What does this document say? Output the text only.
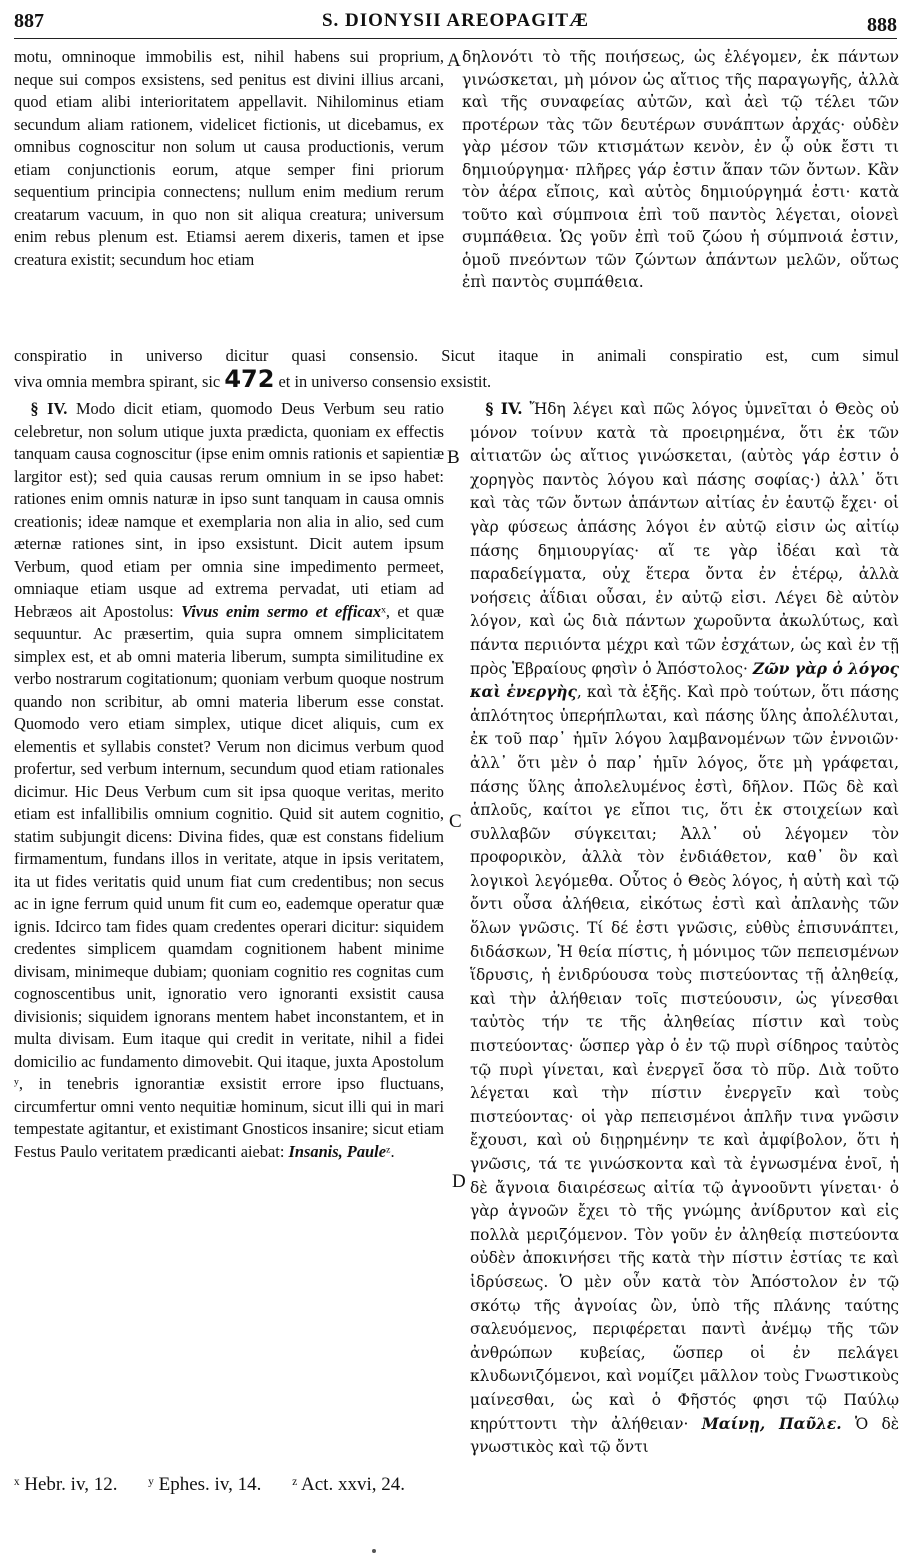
887	S. DIONYSII AREOPAGITÆ	888

motu, omninoque immobilis est, nihil habens sui proprium, neque sui compos exsistens, sed penitus est divini illius arcani, quod etiam alibi interioritatem appellavit. Nihilominus etiam secundum aliam rationem, videlicet fictionis, ut dicebamus, ex omnibus cognoscitur non solum ut causa productionis, verum etiam conjunctionis eorum, atque semper fini priorum sequentium principia connectens; nullum enim medium rerum creatarum vacuum, in quo non sit aliqua creatura; universum enim rebus plenum est. Etiamsi aerem dixeris, tamen et ipse creatura existit; secundum hoc etiam

δηλονότι τὸ τῆς ποιήσεως, ὡς ἐλέγομεν, ἐκ πάντων γινώσκεται, μὴ μόνον ὡς αἴτιος τῆς παραγωγῆς, ἀλλὰ καὶ τῆς συναφείας αὐτῶν, καὶ ἀεὶ τῷ τέλει τῶν προτέρων τὰς τῶν δευτέρων συνάπτων ἀρχάς· οὐδὲν γὰρ μέσον τῶν κτισμάτων κενὸν, ἐν ᾧ οὐκ ἔστι τι δημιούργημα· πλῆρες γάρ ἐστιν ἅπαν τῶν ὄντων. Κἂν τὸν ἀέρα εἴποις, καὶ αὐτὸς δημιούργημά ἐστι· κατὰ τοῦτο καὶ σύμπνοια ἐπὶ τοῦ παντὸς λέγεται, οἱονεὶ συμπάθεια. Ὡς γοῦν ἐπὶ τοῦ ζώου ἡ σύμπνοιά ἐστιν, ὁμοῦ πνεόντων τῶν ζώντων ἁπάντων μελῶν, οὕτως ἐπὶ παντὸς συμπάθεια.

conspiratio in universo dicitur quasi consensio. Sicut itaque in animali conspiratio est, cum simul
viva omnia membra spirant, sic 472 et in universo consensio exsistit.

 § IV. Modo dicit etiam, quomodo Deus Verbum seu ratio celebretur, non solum utique juxta prædicta, quoniam ex effectis tanquam causa cognoscitur (ipse enim omnis rationis et sapientiæ largitor est); sed quia causas rerum omnium in se ipso habet: rationes enim omnis naturæ in ipso sunt tanquam in causa omnis creationis; ideæ namque et exemplaria non alia in alio, sed cum æternæ rationes sint, in ipso exsistunt. Dicit autem ipsum Verbum, quod etiam per omnia sine impedimento permeet, omniaque etiam usque ad extrema pervadat, uti etiam ad Hebræos ait Apostolus: Vivus enim sermo et efficaxˣ, et quæ sequuntur. Ac præsertim, quia supra omnem simplicitatem simplex est, et ab omni materia liberum, sumpta similitudine ex verbo nostrarum cogitationum; quoniam verbum quoque nostrum quando non scribitur, ab omni materia liberum esse constat. Quomodo vero etiam simplex, utique dicet aliquis, cum ex elementis et syllabis constet? Verum non dicimus verbum quod profertur, sed verbum internum, secundum quod etiam rationales dicimur. Hic Deus Verbum cum sit ipsa quoque veritas, merito etiam est infallibilis omnium cognitio. Quid sit autem cognitio, statim subjungit dicens: Divina fides, quæ est constans fidelium firmamentum, fundans illos in veritate, atque in ipsis veritatem, ita ut fides veritatis quid unum fiat cum credentibus; non secus ac in igne ferrum quid unum fit cum eo, eademque operatur quæ ignis. Idcirco tam fides quam credentes operari dicitur: siquidem credentes simplicem quamdam cognitionem habent minime divisam, minimeque dubiam; quoniam cognitio res cognitas cum cognoscentibus unit, ignoratio vero ignoranti exsistit causa divisionis; siquidem ignorans mentem habet inconstantem, et in multa divisam. Eum itaque qui credit in veritate, nihil a fidei domicilio ac fundamento dimovebit. Qui itaque, juxta Apostolum ʸ, in tenebris ignorantiæ exsistit errore ipso fluctuans, circumfertur omni vento nequitiæ hominum, sicut illi qui in mari tempestate agitantur, et existimant Gnosticos insanire; sicut etiam Festus Paulo veritatem prædicanti aiebat: Insanis, Pauleᶻ.

 § IV. Ἤδη λέγει καὶ πῶς λόγος ὑμνεῖται ὁ Θεὸς οὐ μόνον τοίνυν κατὰ τὰ προειρημένα, ὅτι ἐκ τῶν αἰτιατῶν ὡς αἴτιος γινώσκεται, (αὐτὸς γάρ ἐστιν ὁ χορηγὸς παντὸς λόγου καὶ πάσης σοφίας·) ἀλλ᾿ ὅτι καὶ τὰς τῶν ὄντων ἁπάντων αἰτίας ἐν ἑαυτῷ ἔχει· οἱ γὰρ φύσεως ἁπάσης λόγοι ἐν αὐτῷ εἰσιν ὡς αἰτίῳ πάσης δημιουργίας· αἵ τε γὰρ ἰδέαι καὶ τὰ παραδείγματα, οὐχ ἕτερα ὄντα ἐν ἑτέρῳ, ἀλλὰ νοήσεις ἀΐδιαι οὖσαι, ἐν αὐτῷ εἰσι. Λέγει δὲ αὐτὸν λόγον, καὶ ὡς διὰ πάντων χωροῦντα ἀκωλύτως, καὶ πάντα περιιόντα μέχρι καὶ τῶν ἐσχάτων, ὡς καὶ ἐν τῇ πρὸς Ἑβραίους φησὶν ὁ Ἀπόστολος· Ζῶν γὰρ ὁ λόγος καὶ ἐνεργὴς, καὶ τὰ ἑξῆς. Καὶ πρὸ τούτων, ὅτι πάσης ἁπλότητος ὑπερήπλωται, καὶ πάσης ὕλης ἀπολέλυται, ἐκ τοῦ παρ᾿ ἡμῖν λόγου λαμβανομένων τῶν ἐννοιῶν· ἀλλ᾿ ὅτι μὲν ὁ παρ᾿ ἡμῖν λόγος, ὅτε μὴ γράφεται, πάσης ὕλης ἀπολελυμένος ἐστὶ, δῆλον. Πῶς δὲ καὶ ἁπλοῦς, καίτοι γε εἴποι τις, ὅτι ἐκ στοιχείων καὶ συλλαβῶν σύγκειται; Ἀλλ᾿ οὐ λέγομεν τὸν προφορικὸν, ἀλλὰ τὸν ἐνδιάθετον, καθ᾿ ὃν καὶ λογικοὶ λεγόμεθα. Οὗτος ὁ Θεὸς λόγος, ἡ αὐτὴ καὶ τῷ ὄντι οὖσα ἀλήθεια, εἰκότως ἐστὶ καὶ ἀπλανὴς τῶν ὅλων γνῶσις. Τί δέ ἐστι γνῶσις, εὐθὺς ἐπισυνάπτει, διδάσκων, Ἡ θεία πίστις, ἡ μόνιμος τῶν πεπεισμένων ἵδρυσις, ἡ ἐνιδρύουσα τοὺς πιστεύοντας τῇ ἀληθείᾳ, καὶ τὴν ἀλήθειαν τοῖς πιστεύουσιν, ὡς γίνεσθαι ταὐτὸς τήν τε τῆς ἀληθείας πίστιν καὶ τοὺς πιστεύοντας· ὥσπερ γὰρ ὁ ἐν τῷ πυρὶ σίδηρος ταὐτὸς τῷ πυρὶ γίνεται, καὶ ἐνεργεῖ ὅσα τὸ πῦρ. Διὰ τοῦτο λέγεται καὶ τὴν πίστιν ἐνεργεῖν καὶ τοὺς πιστεύοντας· οἱ γὰρ πεπεισμένοι ἁπλῆν τινα γνῶσιν ἔχουσι, καὶ οὐ διῃρημένην τε καὶ ἀμφίβολον, ὅτι ἡ γνῶσις, τά τε γινώσκοντα καὶ τὰ ἐγνωσμένα ἑνοῖ, ἡ δὲ ἄγνοια διαιρέσεως αἰτία τῷ ἀγνοοῦντι γίνεται· ὁ γὰρ ἀγνοῶν ἔχει τὸ τῆς γνώμης ἀνίδρυτον καὶ εἰς πολλὰ μεριζόμενον. Τὸν γοῦν ἐν ἀληθείᾳ πιστεύοντα οὐδὲν ἀποκινήσει τῆς κατὰ τὴν πίστιν ἑστίας τε καὶ ἱδρύσεως. Ὁ μὲν οὖν κατὰ τὸν Ἀπόστολον ἐν τῷ σκότῳ τῆς ἀγνοίας ὢν, ὑπὸ τῆς πλάνης ταύτης σαλευόμενος, περιφέρεται παντὶ ἀνέμῳ τῆς τῶν ἀνθρώπων κυβείας, ὥσπερ οἱ ἐν πελάγει κλυδωνιζόμενοι, καὶ νομίζει μᾶλλον τοὺς Γνωστικοὺς μαίνεσθαι, ὡς καὶ ὁ Φῆστός φησι τῷ Παύλῳ κηρύττοντι τὴν ἀλήθειαν· Μαίνῃ, Παῦλε. Ὁ δὲ γνωστικὸς καὶ τῷ ὄντι

A
B
C
D
ˣ Hebr. iv, 12. ʸ Ephes. iv, 14. ᶻ Act. xxvi, 24.
